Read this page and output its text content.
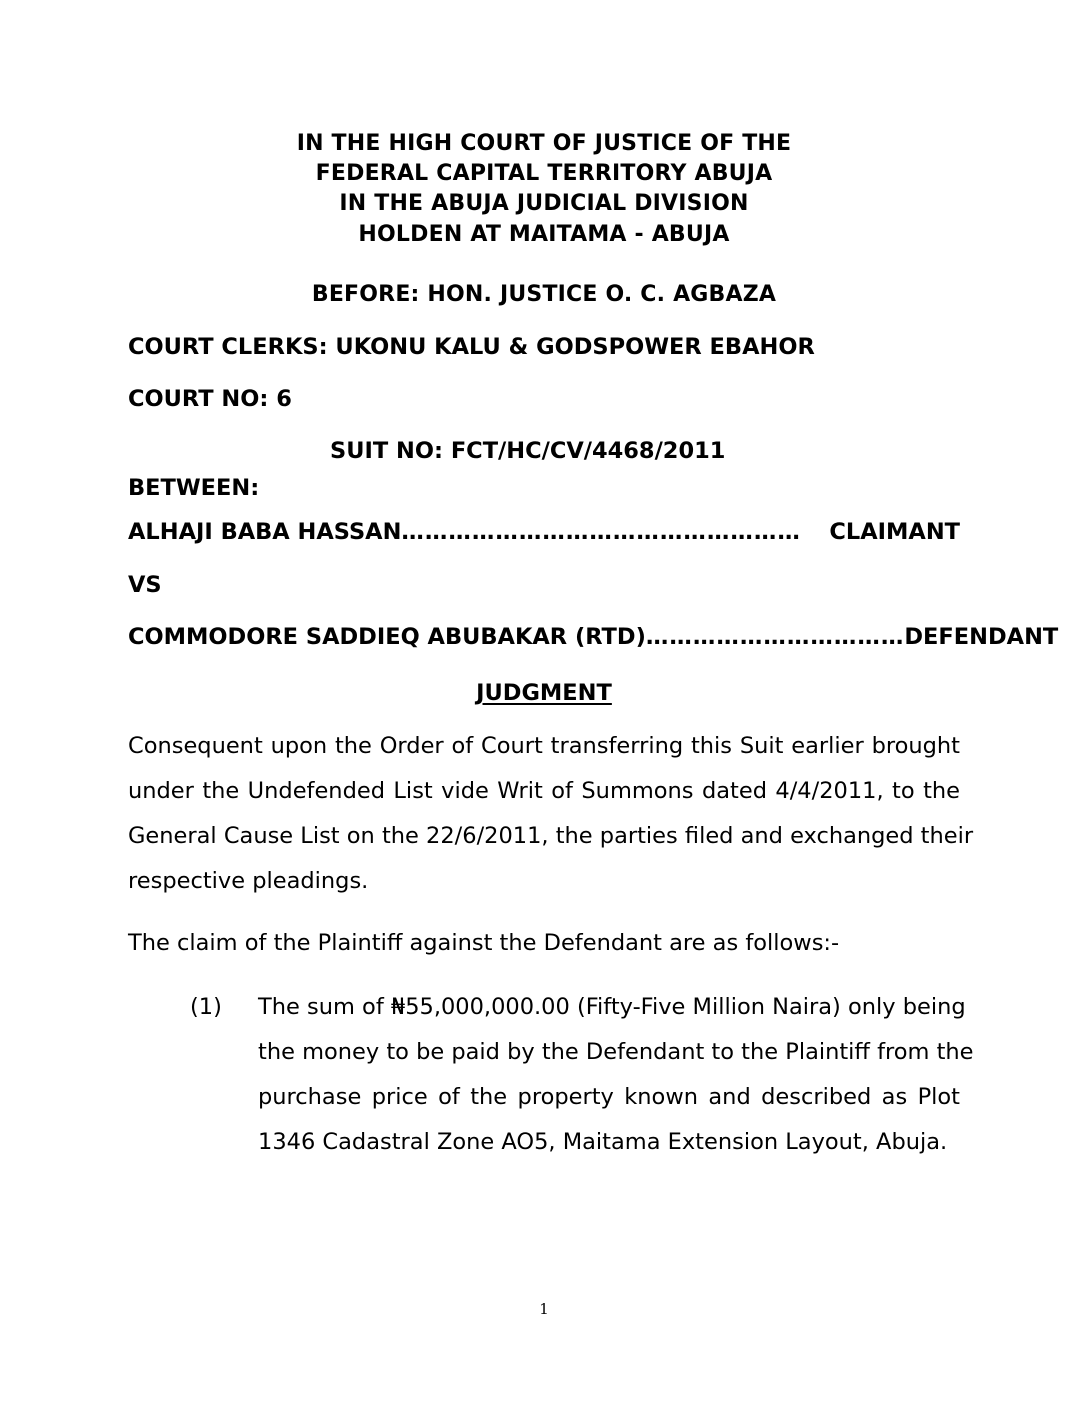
IN THE HIGH COURT OF JUSTICE OF THE
FEDERAL CAPITAL TERRITORY ABUJA
IN THE ABUJA JUDICIAL DIVISION
HOLDEN AT MAITAMA - ABUJA
BEFORE: HON. JUSTICE O. C. AGBAZA
COURT CLERKS: UKONU KALU & GODSPOWER EBAHOR
COURT NO: 6
SUIT NO: FCT/HC/CV/4468/2011
BETWEEN:
ALHAJI BABA HASSAN ……………………………………………	CLAIMANT
VS
COMMODORE SADDIEQ ABUBAKAR (RTD) …………………………… DEFENDANT
JUDGMENT
Consequent upon the Order of Court transferring this Suit earlier brought
under the Undefended List vide Writ of Summons dated 4/4/2011, to the
General Cause List on the 22/6/2011, the parties filed and exchanged their
respective pleadings.
The claim of the Plaintiff against the Defendant are as follows:-
(1) The sum of ₦55,000,000.00 (Fifty-Five Million Naira) only being
the money to be paid by the Defendant to the Plaintiff from the
purchase price of the property known and described as Plot
1346 Cadastral Zone AO5, Maitama Extension Layout, Abuja.
1
